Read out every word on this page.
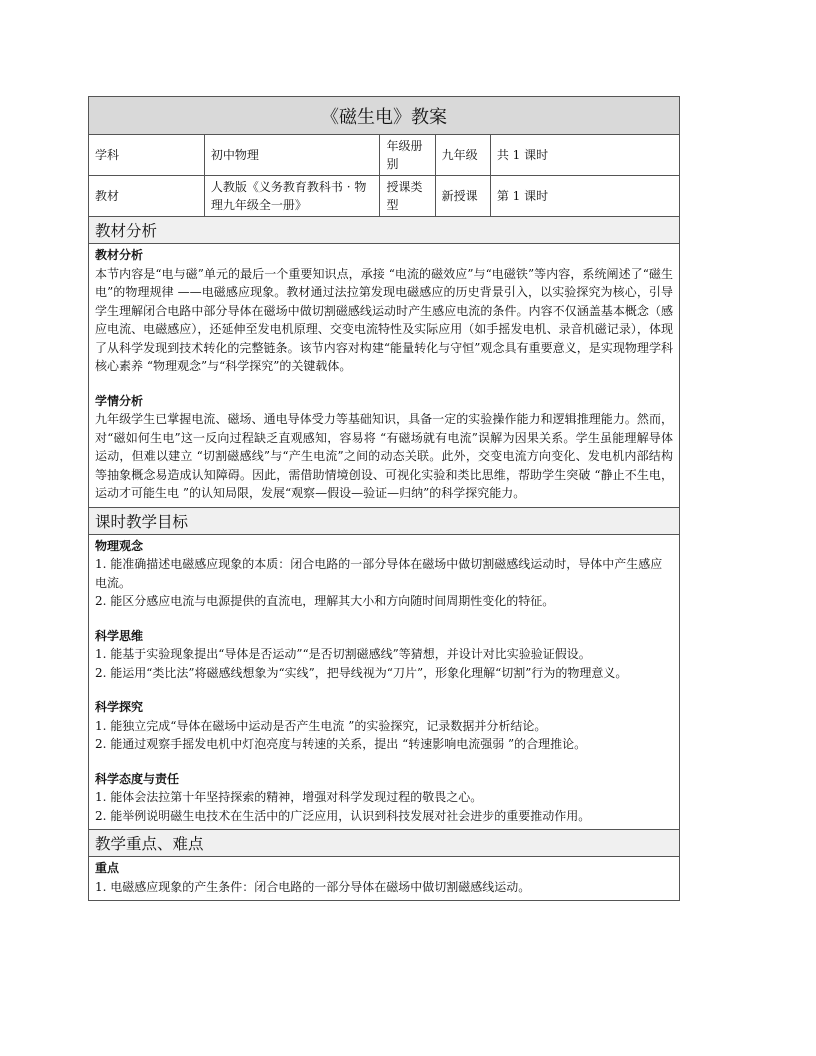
《磁生电》教案
学科	初中物理	年级册别	九年级	共 1 课时
教材	人教版《义务教育教科书 · 物理九年级全一册》	授课类型	新授课	第 1 课时
教材分析
教材分析
本节内容是“电与磁”单元的最后一个重要知识点，承接 “电流的磁效应”与“电磁铁”等内容，系统阐述了“磁生电”的物理规律 ——电磁感应现象。教材通过法拉第发现电磁感应的历史背景引入，以实验探究为核心，引导学生理解闭合电路中部分导体在磁场中做切割磁感线运动时产生感应电流的条件。内容不仅涵盖基本概念（感应电流、电磁感应），还延伸至发电机原理、交变电流特性及实际应用（如手摇发电机、录音机磁记录），体现了从科学发现到技术转化的完整链条。该节内容对构建“能量转化与守恒”观念具有重要意义，是实现物理学科核心素养 “物理观念”与“科学探究”的关键载体。
学情分析
九年级学生已掌握电流、磁场、通电导体受力等基础知识，具备一定的实验操作能力和逻辑推理能力。然而，对“磁如何生电”这一反向过程缺乏直观感知，容易将 “有磁场就有电流”误解为因果关系。学生虽能理解导体运动，但难以建立 “切割磁感线”与“产生电流”之间的动态关联。此外，交变电流方向变化、发电机内部结构等抽象概念易造成认知障碍。因此，需借助情境创设、可视化实验和类比思维，帮助学生突破 “静止不生电，运动才可能生电 ”的认知局限，发展“观察—假设—验证—归纳”的科学探究能力。
课时教学目标
物理观念
1. 能准确描述电磁感应现象的本质：闭合电路的一部分导体在磁场中做切割磁感线运动时，导体中产生感应电流。
2. 能区分感应电流与电源提供的直流电，理解其大小和方向随时间周期性变化的特征。
科学思维
1. 能基于实验现象提出“导体是否运动”“是否切割磁感线”等猜想，并设计对比实验验证假设。
2. 能运用“类比法”将磁感线想象为“实线”，把导线视为“刀片”，形象化理解“切割”行为的物理意义。
科学探究
1. 能独立完成“导体在磁场中运动是否产生电流 ”的实验探究，记录数据并分析结论。
2. 能通过观察手摇发电机中灯泡亮度与转速的关系，提出 “转速影响电流强弱 ”的合理推论。
科学态度与责任
1. 能体会法拉第十年坚持探索的精神，增强对科学发现过程的敬畏之心。
2. 能举例说明磁生电技术在生活中的广泛应用，认识到科技发展对社会进步的重要推动作用。
教学重点、难点
重点
1. 电磁感应现象的产生条件：闭合电路的一部分导体在磁场中做切割磁感线运动。
